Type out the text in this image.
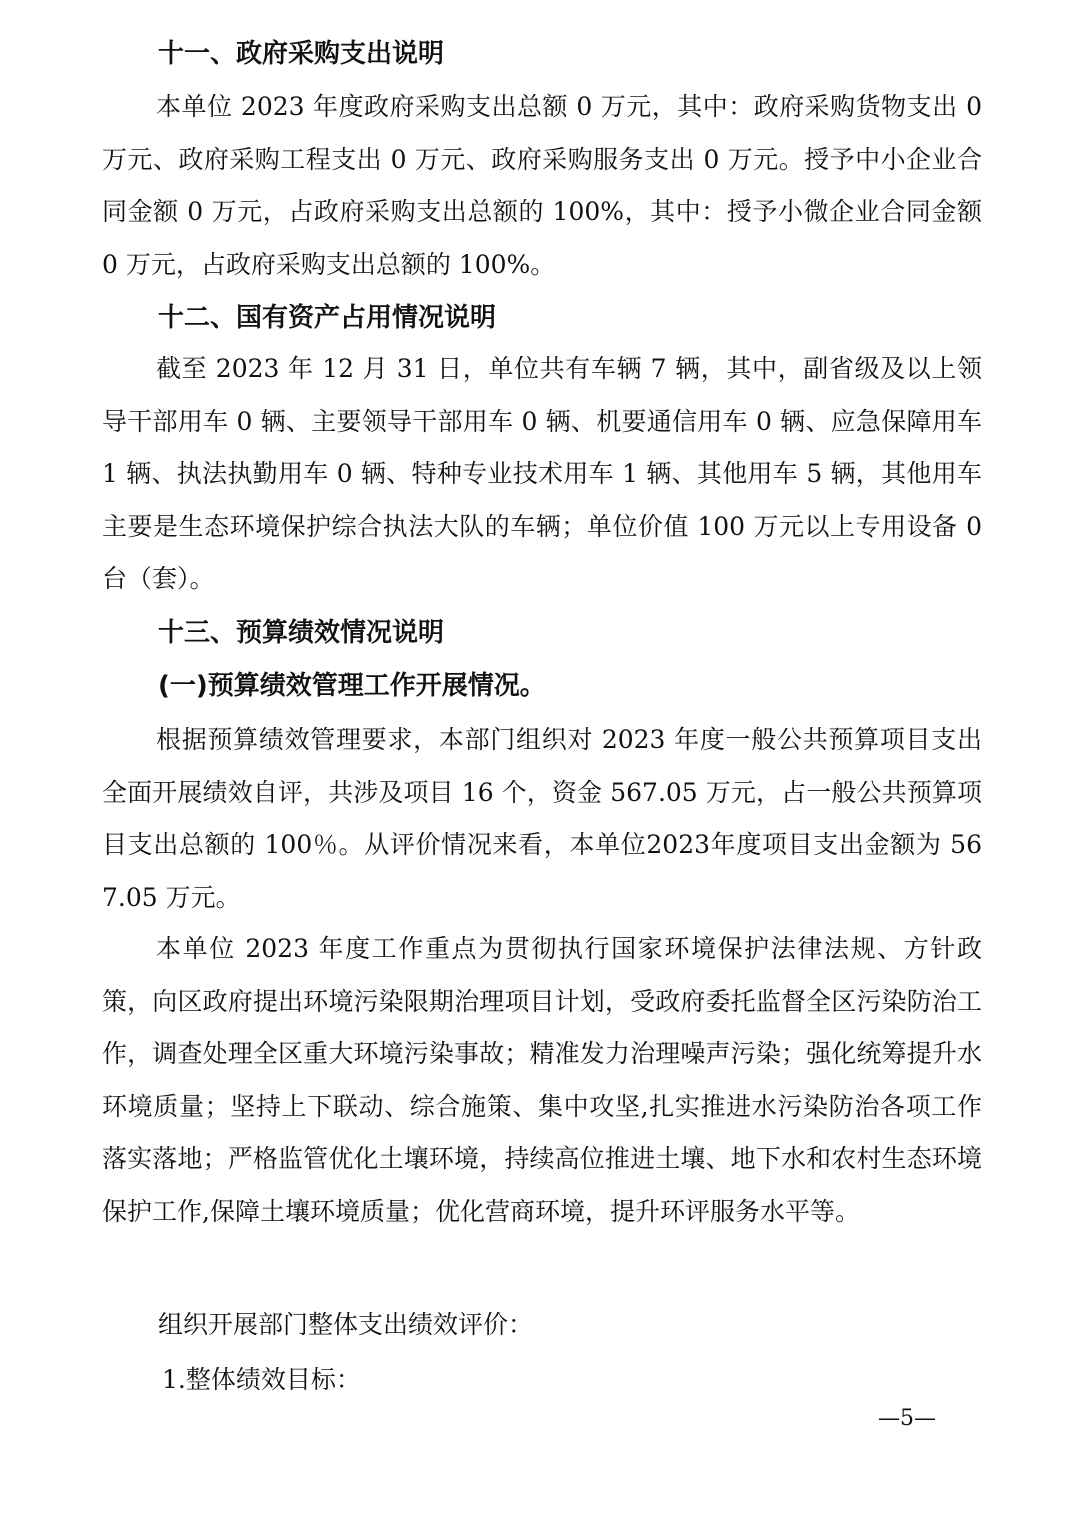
十一、政府采购支出说明

本单位 2023 年度政府采购支出总额 0 万元，其中：政府采购货物支出 0 万元、政府采购工程支出 0 万元、政府采购服务支出 0 万元。授予中小企业合同金额 0 万元，占政府采购支出总额的 100%，其中：授予小微企业合同金额 0 万元，占政府采购支出总额的 100%。

十二、国有资产占用情况说明

截至 2023 年 12 月 31 日，单位共有车辆 7 辆，其中，副省级及以上领导干部用车 0 辆、主要领导干部用车 0 辆、机要通信用车 0 辆、应急保障用车 1 辆、执法执勤用车 0 辆、特种专业技术用车 1 辆、其他用车 5 辆，其他用车主要是生态环境保护综合执法大队的车辆；单位价值 100 万元以上专用设备 0 台（套）。

十三、预算绩效情况说明
(一)预算绩效管理工作开展情况。

根据预算绩效管理要求，本部门组织对 2023 年度一般公共预算项目支出全面开展绩效自评，共涉及项目 16 个，资金 567.05 万元，占一般公共预算项目支出总额的 100％。从评价情况来看，本单位2023年度项目支出金额为 567.05 万元。

本单位 2023 年度工作重点为贯彻执行国家环境保护法律法规、方针政策，向区政府提出环境污染限期治理项目计划，受政府委托监督全区污染防治工作，调查处理全区重大环境污染事故；精准发力治理噪声污染；强化统筹提升水环境质量；坚持上下联动、综合施策、集中攻坚,扎实推进水污染防治各项工作落实落地；严格监管优化土壤环境，持续高位推进土壤、地下水和农村生态环境保护工作,保障土壤环境质量；优化营商环境，提升环评服务水平等。

组织开展部门整体支出绩效评价：

1.整体绩效目标：

—5—
